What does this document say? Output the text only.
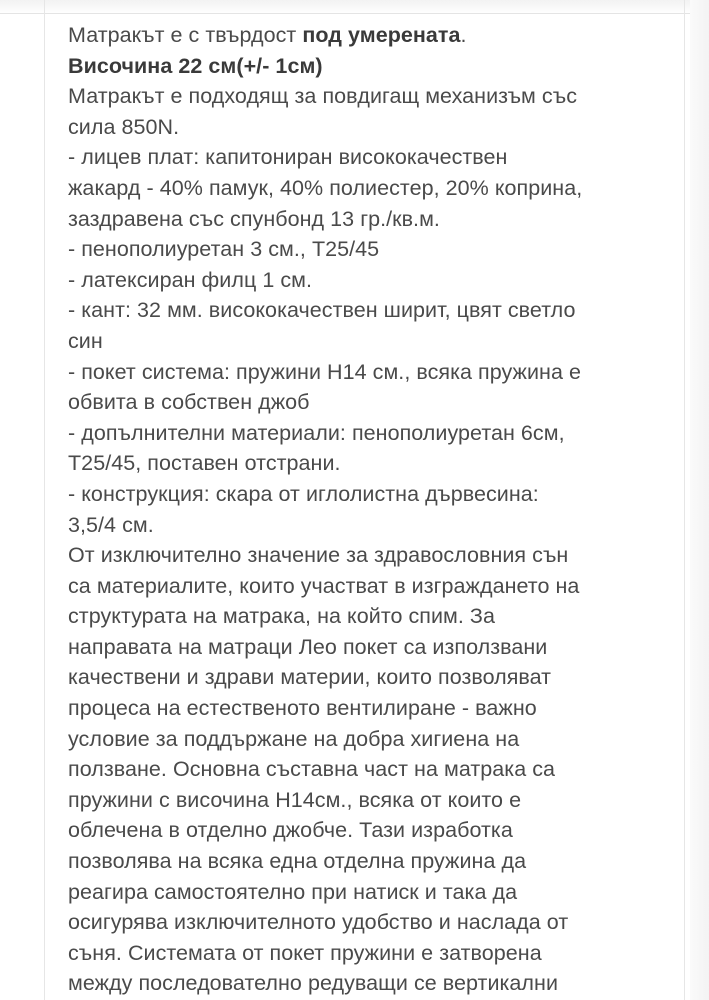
Матракът е с твърдост под умерената.

Височина 22 см(+/- 1см)

Матракът е подходящ за повдигащ механизъм със

сила 850N.

- лицев плат: капитониран висококачествен

жакард - 40% памук, 40% полиестер, 20% коприна,

заздравена със спунбонд 13 гр./кв.м.

- пенополиуретан 3 см., Т25/45

- латексиран филц 1 см.

- кант: 32 мм. висококачествен ширит, цвят светло

син

- покет система: пружини Н14 см., всяка пружина е

обвита в собствен джоб

- допълнителни материали: пенополиуретан 6см,

Т25/45, поставен отстрани.

- конструкция: скара от иглолистна дървесина:

3,5/4 см.

От изключително значение за здравословния сън

са материалите, които участват в изграждането на

структурата на матрака, на който спим. За

направата на матраци Лео покет са използвани

качествени и здрави материи, които позволяват

процеса на естественото вентилиране - важно

условие за поддържане на добра хигиена на

ползване. Основна съставна част на матрака са

пружини с височина Н14см., всяка от които е

облечена в отделно джобче. Тази изработка

позволява на всяка една отделна пружина да

реагира самостоятелно при натиск и така да

осигурява изключителното удобство и наслада от

съня. Системата от покет пружини е затворена

между последователно редуващи се вертикални
